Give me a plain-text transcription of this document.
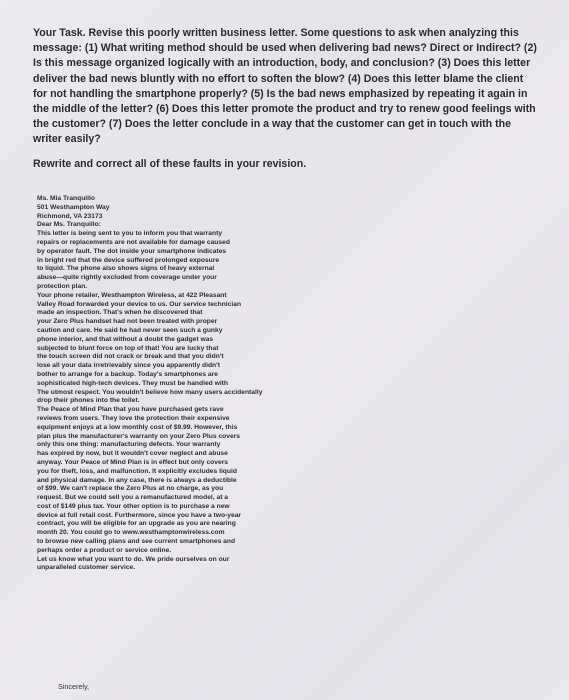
Your Task. Revise this poorly written business letter. Some questions to ask when analyzing this message: (1) What writing method should be used when delivering bad news? Direct or Indirect? (2) Is this message organized logically with an introduction, body, and conclusion? (3) Does this letter deliver the bad news bluntly with no effort to soften the blow? (4) Does this letter blame the client for not handling the smartphone properly? (5) Is the bad news emphasized by repeating it again in the middle of the letter? (6) Does this letter promote the product and try to renew good feelings with the customer? (7) Does the letter conclude in a way that the customer can get in touch with the writer easily?
Rewrite and correct all of these faults in your revision.
Ms. Mia Tranquillo
501 Westhampton Way
Richmond, VA 23173
Dear Ms. Tranquillo:
This letter is being sent to you to inform you that warranty
repairs or replacements are not available for damage caused
by operator fault. The dot inside your smartphone indicates
in bright red that the device suffered prolonged exposure
to liquid. The phone also shows signs of heavy external
abuse—quite rightly excluded from coverage under your
protection plan.
Your phone retailer, Westhampton Wireless, at 422 Pleasant
Valley Road forwarded your device to us. Our service technician
made an inspection. That's when he discovered that
your Zero Plus handset had not been treated with proper
caution and care. He said he had never seen such a gunky
phone interior, and that without a doubt the gadget was
subjected to blunt force on top of that! You are lucky that
the touch screen did not crack or break and that you didn't
lose all your data irretrievably since you apparently didn't
bother to arrange for a backup. Today's smartphones are
sophisticated high-tech devices. They must be handled with
The utmost respect. You wouldn't believe how many users accidentally
drop their phones into the toilet.
The Peace of Mind Plan that you have purchased gets rave
reviews from users. They love the protection their expensive
equipment enjoys at a low monthly cost of $9.99. However, this
plan plus the manufacturer's warranty on your Zero Plus covers
only this one thing: manufacturing defects. Your warranty
has expired by now, but it wouldn't cover neglect and abuse
anyway. Your Peace of Mind Plan is in effect but only covers
you for theft, loss, and malfunction. It explicitly excludes liquid
and physical damage. In any case, there is always a deductible
of $99. We can't replace the Zero Plus at no charge, as you
request. But we could sell you a remanufactured model, at a
cost of $149 plus tax. Your other option is to purchase a new
device at full retail cost. Furthermore, since you have a two-year
contract, you will be eligible for an upgrade as you are nearing
month 20. You could go to www.westhamptonwireless.com
to browse new calling plans and see current smartphones and
perhaps order a product or service online.
Let us know what you want to do. We pride ourselves on our
unparalleled customer service.
Sincerely,
